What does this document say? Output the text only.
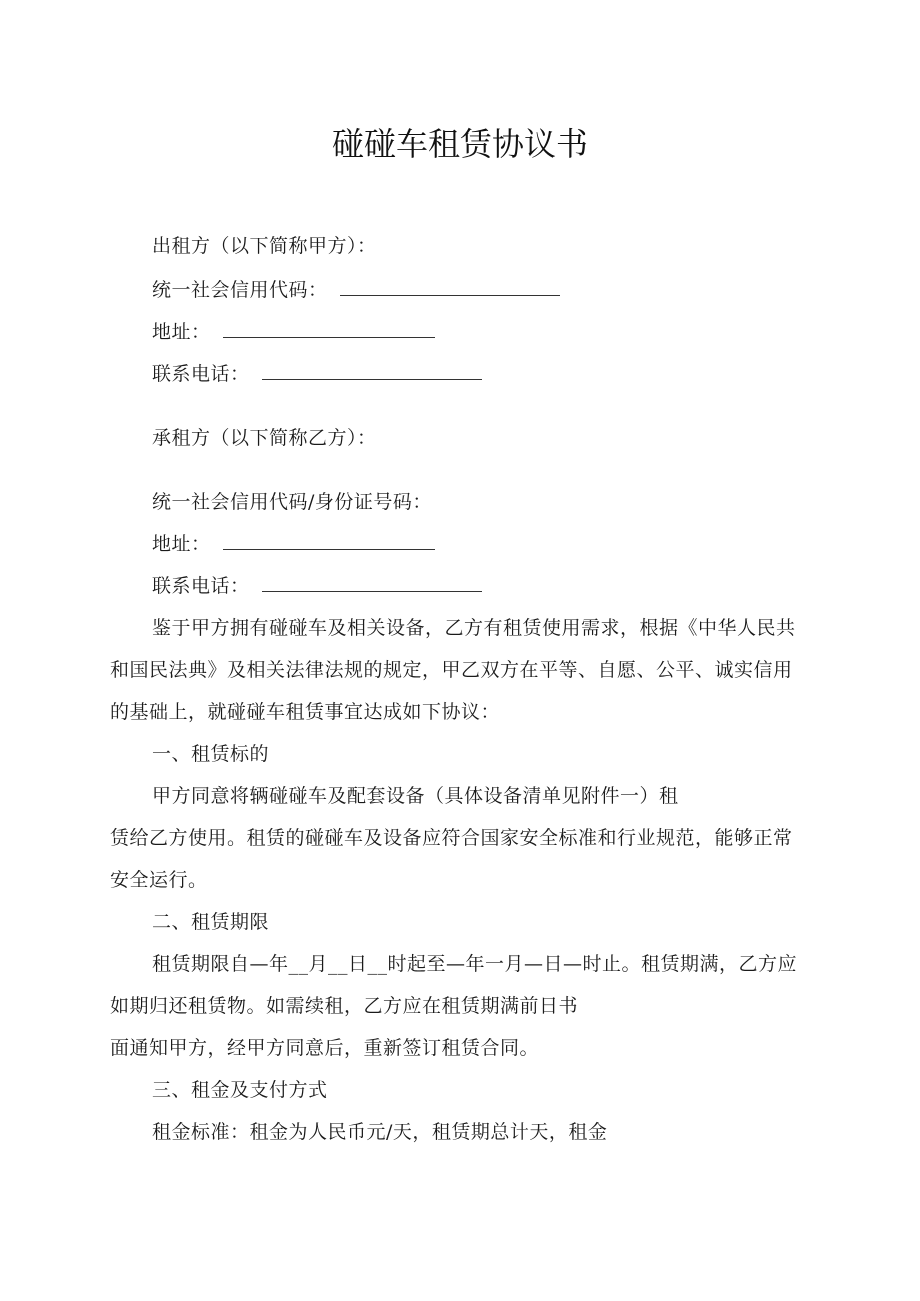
碰碰车租赁协议书
出租方（以下简称甲方）：
统一社会信用代码：
地址：
联系电话：
承租方（以下简称乙方）：
统一社会信用代码/身份证号码：
地址：
联系电话：
鉴于甲方拥有碰碰车及相关设备，乙方有租赁使用需求，根据《中华人民共
和国民法典》及相关法律法规的规定，甲乙双方在平等、自愿、公平、诚实信用
的基础上，就碰碰车租赁事宜达成如下协议：
一、租赁标的
甲方同意将辆碰碰车及配套设备（具体设备清单见附件一）租
赁给乙方使用。租赁的碰碰车及设备应符合国家安全标准和行业规范，能够正常
安全运行。
二、租赁期限
租赁期限自—年__月__日__时起至—年一月—日—时止。租赁期满，乙方应
如期归还租赁物。如需续租，乙方应在租赁期满前日书
面通知甲方，经甲方同意后，重新签订租赁合同。
三、租金及支付方式
租金标准：租金为人民币元/天，租赁期总计天，租金
